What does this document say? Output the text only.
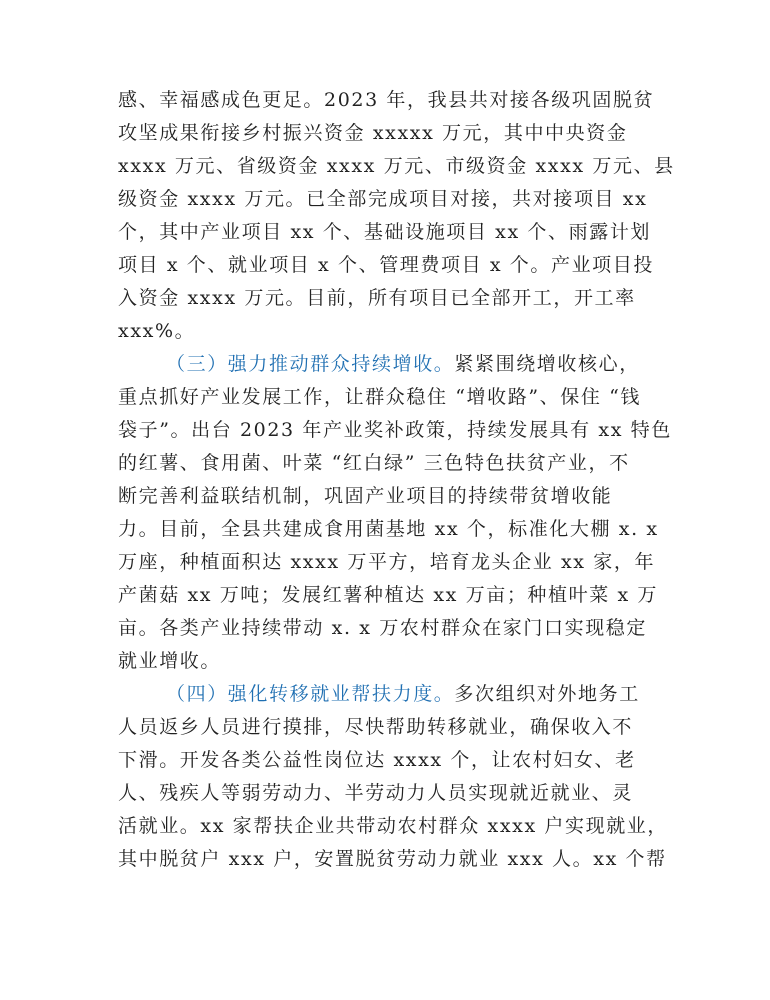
感、幸福感成色更足。2023 年，我县共对接各级巩固脱贫
攻坚成果衔接乡村振兴资金 xxxxx 万元，其中中央资金
xxxx 万元、省级资金 xxxx 万元、市级资金 xxxx 万元、县
级资金 xxxx 万元。已全部完成项目对接，共对接项目 xx
个，其中产业项目 xx 个、基础设施项目 xx 个、雨露计划
项目 x 个、就业项目 x 个、管理费项目 x 个。产业项目投
入资金 xxxx 万元。目前，所有项目已全部开工，开工率
xxx%。
（三）强力推动群众持续增收。紧紧围绕增收核心，
重点抓好产业发展工作，让群众稳住 “增收路”、保住 “钱
袋子”。出台 2023 年产业奖补政策，持续发展具有 xx 特色
的红薯、食用菌、叶菜 “红白绿” 三色特色扶贫产业，不
断完善利益联结机制，巩固产业项目的持续带贫增收能
力。目前，全县共建成食用菌基地 xx 个，标准化大棚 x. x
万座，种植面积达 xxxx 万平方，培育龙头企业 xx 家，年
产菌菇 xx 万吨；发展红薯种植达 xx 万亩；种植叶菜 x 万
亩。各类产业持续带动 x. x 万农村群众在家门口实现稳定
就业增收。
（四）强化转移就业帮扶力度。多次组织对外地务工
人员返乡人员进行摸排，尽快帮助转移就业，确保收入不
下滑。开发各类公益性岗位达 xxxx 个，让农村妇女、老
人、残疾人等弱劳动力、半劳动力人员实现就近就业、灵
活就业。xx 家帮扶企业共带动农村群众 xxxx 户实现就业，
其中脱贫户 xxx 户，安置脱贫劳动力就业 xxx 人。xx 个帮
